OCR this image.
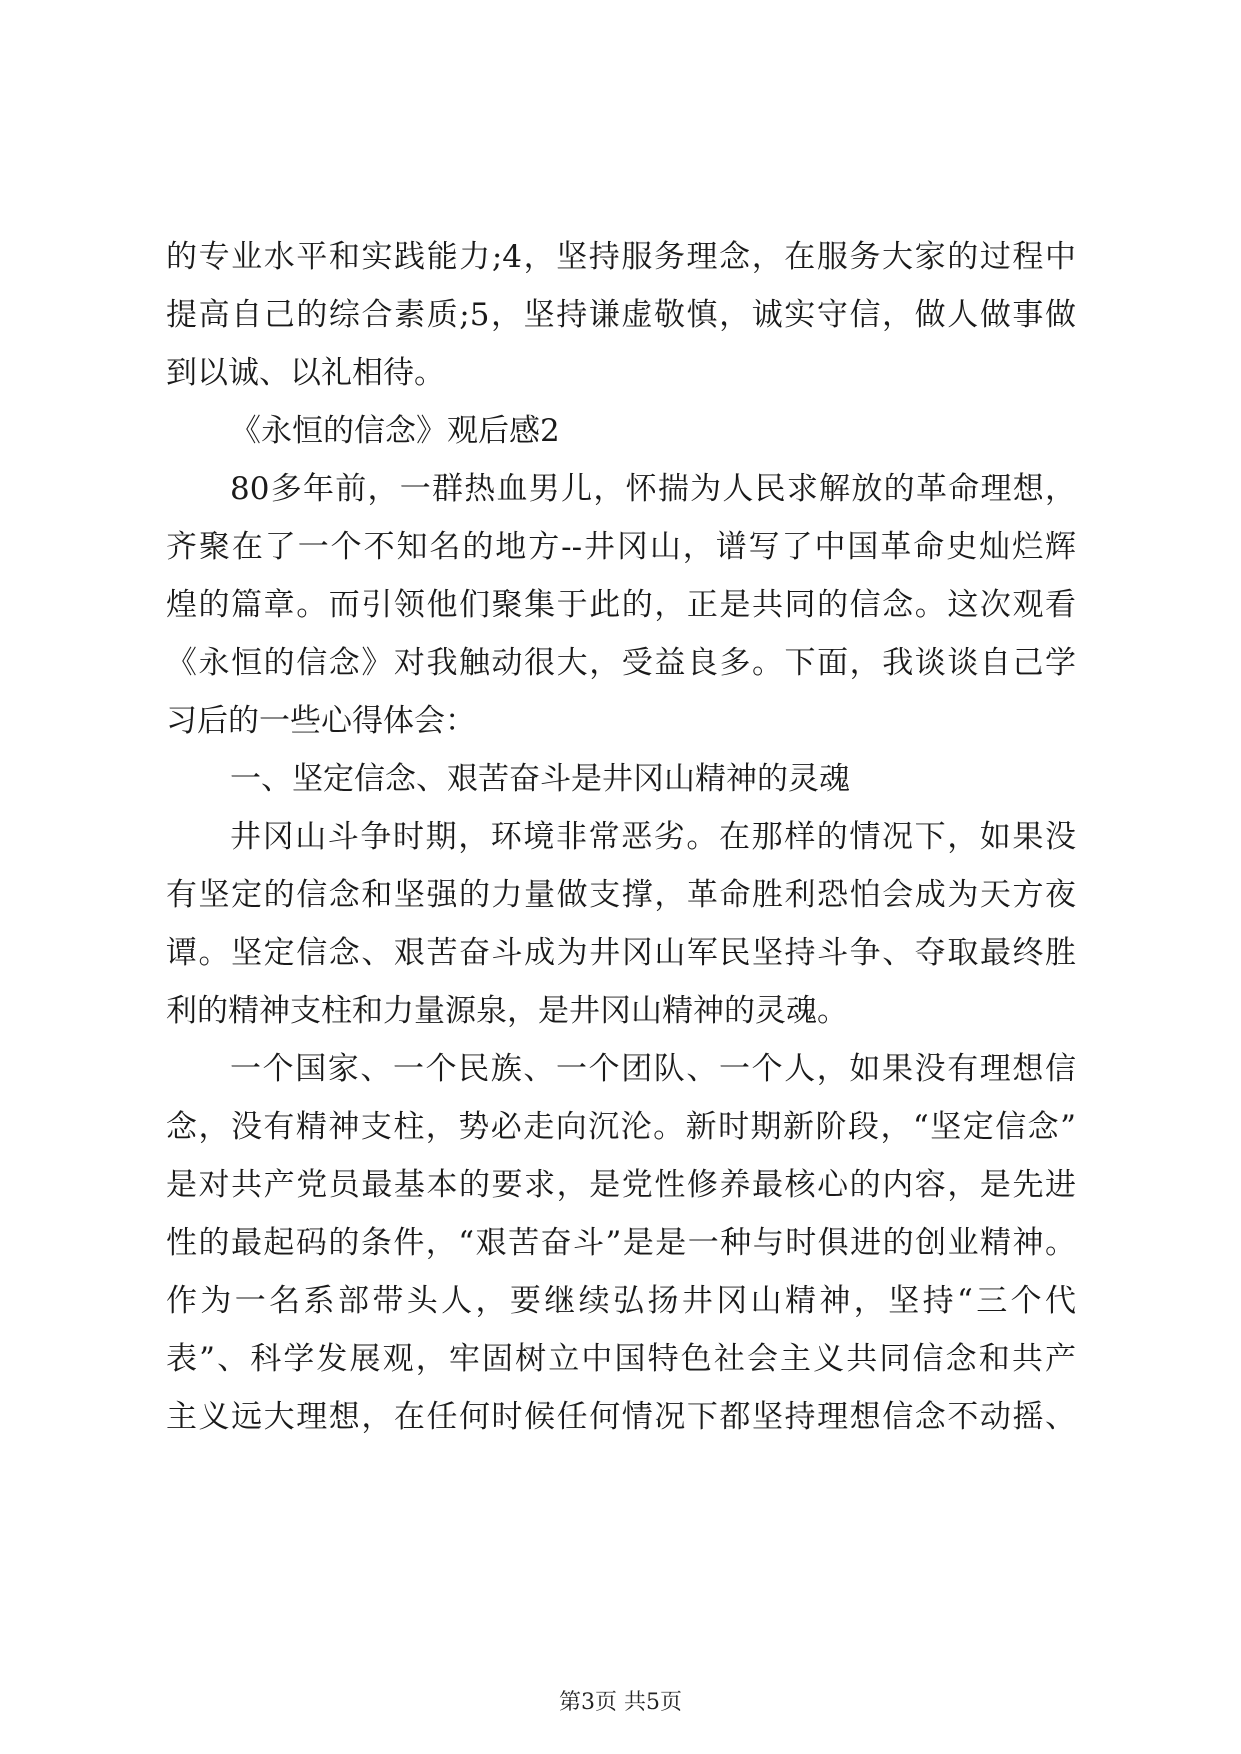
的专业水平和实践能力;4，坚持服务理念，在服务大家的过程中
提高自己的综合素质;5，坚持谦虚敬慎，诚实守信，做人做事做
到以诚、以礼相待。
《永恒的信念》观后感2
80多年前，一群热血男儿，怀揣为人民求解放的革命理想，
齐聚在了一个不知名的地方--井冈山，谱写了中国革命史灿烂辉
煌的篇章。而引领他们聚集于此的，正是共同的信念。这次观看
《永恒的信念》对我触动很大，受益良多。下面，我谈谈自己学
习后的一些心得体会：
一、坚定信念、艰苦奋斗是井冈山精神的灵魂
井冈山斗争时期，环境非常恶劣。在那样的情况下，如果没
有坚定的信念和坚强的力量做支撑，革命胜利恐怕会成为天方夜
谭。坚定信念、艰苦奋斗成为井冈山军民坚持斗争、夺取最终胜
利的精神支柱和力量源泉，是井冈山精神的灵魂。
一个国家、一个民族、一个团队、一个人，如果没有理想信
念，没有精神支柱，势必走向沉沦。新时期新阶段，“坚定信念”
是对共产党员最基本的要求，是党性修养最核心的内容，是先进
性的最起码的条件，“艰苦奋斗”是是一种与时俱进的创业精神。
作为一名系部带头人，要继续弘扬井冈山精神，坚持“三个代
表”、科学发展观，牢固树立中国特色社会主义共同信念和共产
主义远大理想，在任何时候任何情况下都坚持理想信念不动摇、
第3页 共5页
